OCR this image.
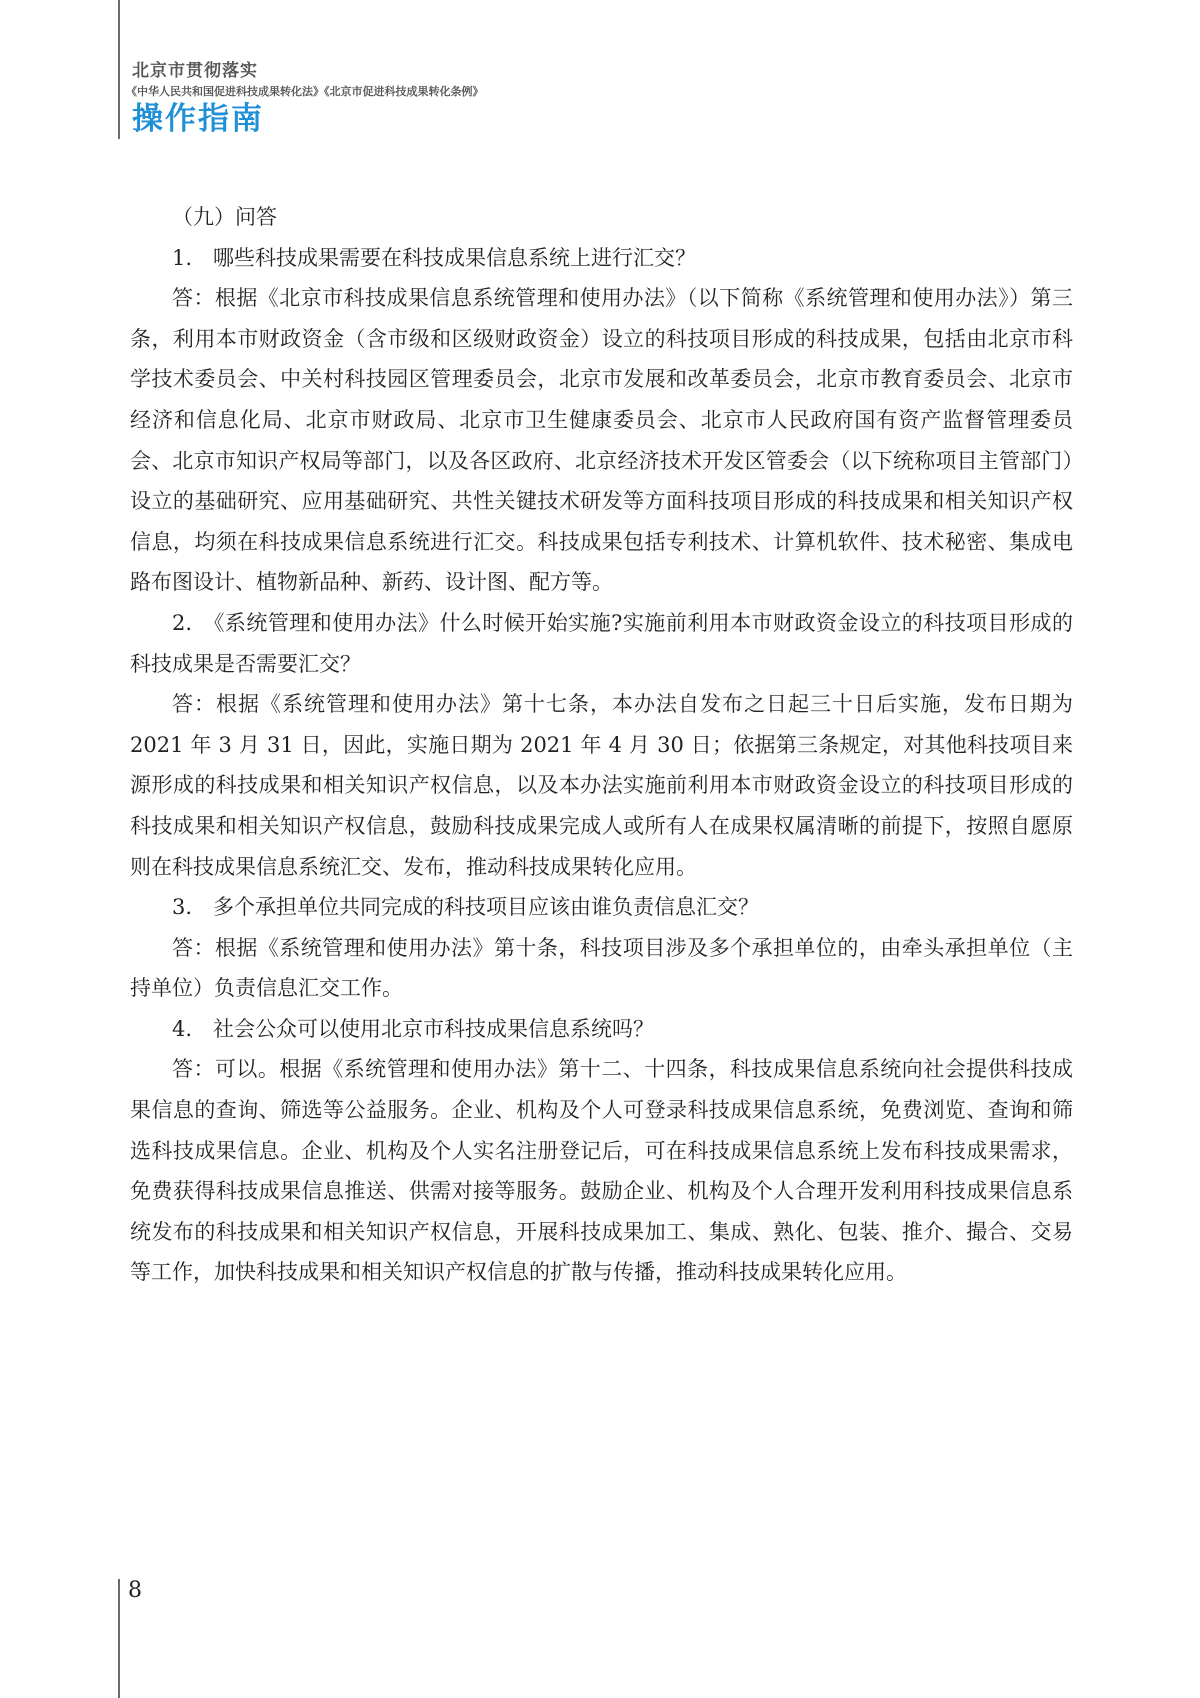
北京市贯彻落实
《中华人民共和国促进科技成果转化法》《北京市促进科技成果转化条例》
操作指南

（九）问答

1.　哪些科技成果需要在科技成果信息系统上进行汇交？

答：根据《北京市科技成果信息系统管理和使用办法》（以下简称《系统管理和使用办法》）第三条，利用本市财政资金（含市级和区级财政资金）设立的科技项目形成的科技成果，包括由北京市科学技术委员会、中关村科技园区管理委员会，北京市发展和改革委员会，北京市教育委员会、北京市经济和信息化局、北京市财政局、北京市卫生健康委员会、北京市人民政府国有资产监督管理委员会、北京市知识产权局等部门，以及各区政府、北京经济技术开发区管委会（以下统称项目主管部门）设立的基础研究、应用基础研究、共性关键技术研发等方面科技项目形成的科技成果和相关知识产权信息，均须在科技成果信息系统进行汇交。科技成果包括专利技术、计算机软件、技术秘密、集成电路布图设计、植物新品种、新药、设计图、配方等。

2.　《系统管理和使用办法》什么时候开始实施?实施前利用本市财政资金设立的科技项目形成的科技成果是否需要汇交？

答：根据《系统管理和使用办法》第十七条，本办法自发布之日起三十日后实施，发布日期为 2021 年 3 月 31 日，因此，实施日期为 2021 年 4 月 30 日；依据第三条规定，对其他科技项目来源形成的科技成果和相关知识产权信息，以及本办法实施前利用本市财政资金设立的科技项目形成的科技成果和相关知识产权信息，鼓励科技成果完成人或所有人在成果权属清晰的前提下，按照自愿原则在科技成果信息系统汇交、发布，推动科技成果转化应用。

3.　多个承担单位共同完成的科技项目应该由谁负责信息汇交？

答：根据《系统管理和使用办法》第十条，科技项目涉及多个承担单位的，由牵头承担单位（主持单位）负责信息汇交工作。

4.　社会公众可以使用北京市科技成果信息系统吗？

答：可以。根据《系统管理和使用办法》第十二、十四条，科技成果信息系统向社会提供科技成果信息的查询、筛选等公益服务。企业、机构及个人可登录科技成果信息系统，免费浏览、查询和筛选科技成果信息。企业、机构及个人实名注册登记后，可在科技成果信息系统上发布科技成果需求，免费获得科技成果信息推送、供需对接等服务。鼓励企业、机构及个人合理开发利用科技成果信息系统发布的科技成果和相关知识产权信息，开展科技成果加工、集成、熟化、包装、推介、撮合、交易等工作，加快科技成果和相关知识产权信息的扩散与传播，推动科技成果转化应用。

8
